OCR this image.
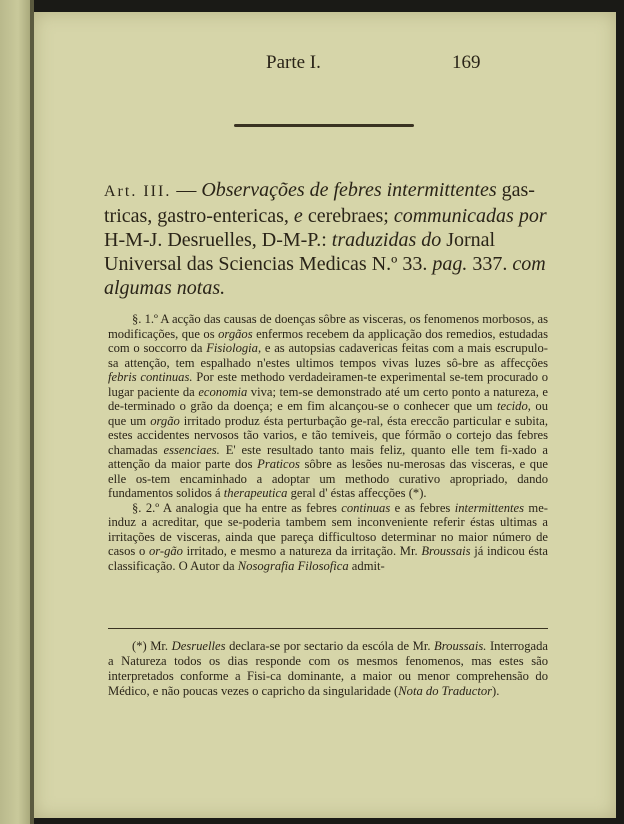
Parte I.	169
Art. III. — Observações de febres intermittentes gas-tricas, gastro-entericas, e cerebraes; communicadas por H-M-J. Desruelles, D-M-P.: traduzidas do Jornal Universal das Sciencias Medicas N.º 33. pag. 337. com algumas notas.

§. 1.º A acção das causas de doenças sôbre as visceras, os fenomenos morbosos, as modificações, que os orgãos enfermos recebem da applicação dos remedios, estudadas com o soccorro da Fisiologia, e as autopsias cadavericas feitas com a mais escrupulo-sa attenção, tem espalhado n'estes ultimos tempos vivas luzes sô-bre as affecções febris continuas. Por este methodo verdadeiramen-te experimental se-tem procurado o lugar paciente da economia viva; tem-se demonstrado até um certo ponto a natureza, e de-terminado o grão da doença; e em fim alcançou-se o conhecer que um tecido, ou que um orgão irritado produz ésta perturbação ge-ral, ésta ereccão particular e subita, estes accidentes nervosos tão varios, e tão temiveis, que fórmão o cortejo das febres chamadas essenciaes. E' este resultado tanto mais feliz, quanto elle tem fi-xado a attenção da maior parte dos Praticos sôbre as lesões nu-merosas das visceras, e que elle os-tem encaminhado a adoptar um methodo curativo apropriado, dando fundamentos solidos á therapeutica geral d' éstas affecções (*).

§. 2.º A analogia que ha entre as febres continuas e as febres intermittentes me-induz a acreditar, que se-poderia tambem sem inconveniente referir éstas ultimas a irritações de visceras, ainda que pareça difficultoso determinar no maior número de casos o or-gão irritado, e mesmo a natureza da irritação. Mr. Broussais já indicou ésta classificação. O Autor da Nosografia Filosofica admit-

(*) Mr. Desruelles declara-se por sectario da escóla de Mr. Broussais. Interrogada a Natureza todos os dias responde com os mesmos fenomenos, mas estes são interpretados conforme a Fisi-ca dominante, a maior ou menor comprehensão do Médico, e não poucas vezes o capricho da singularidade (Nota do Traductor).
